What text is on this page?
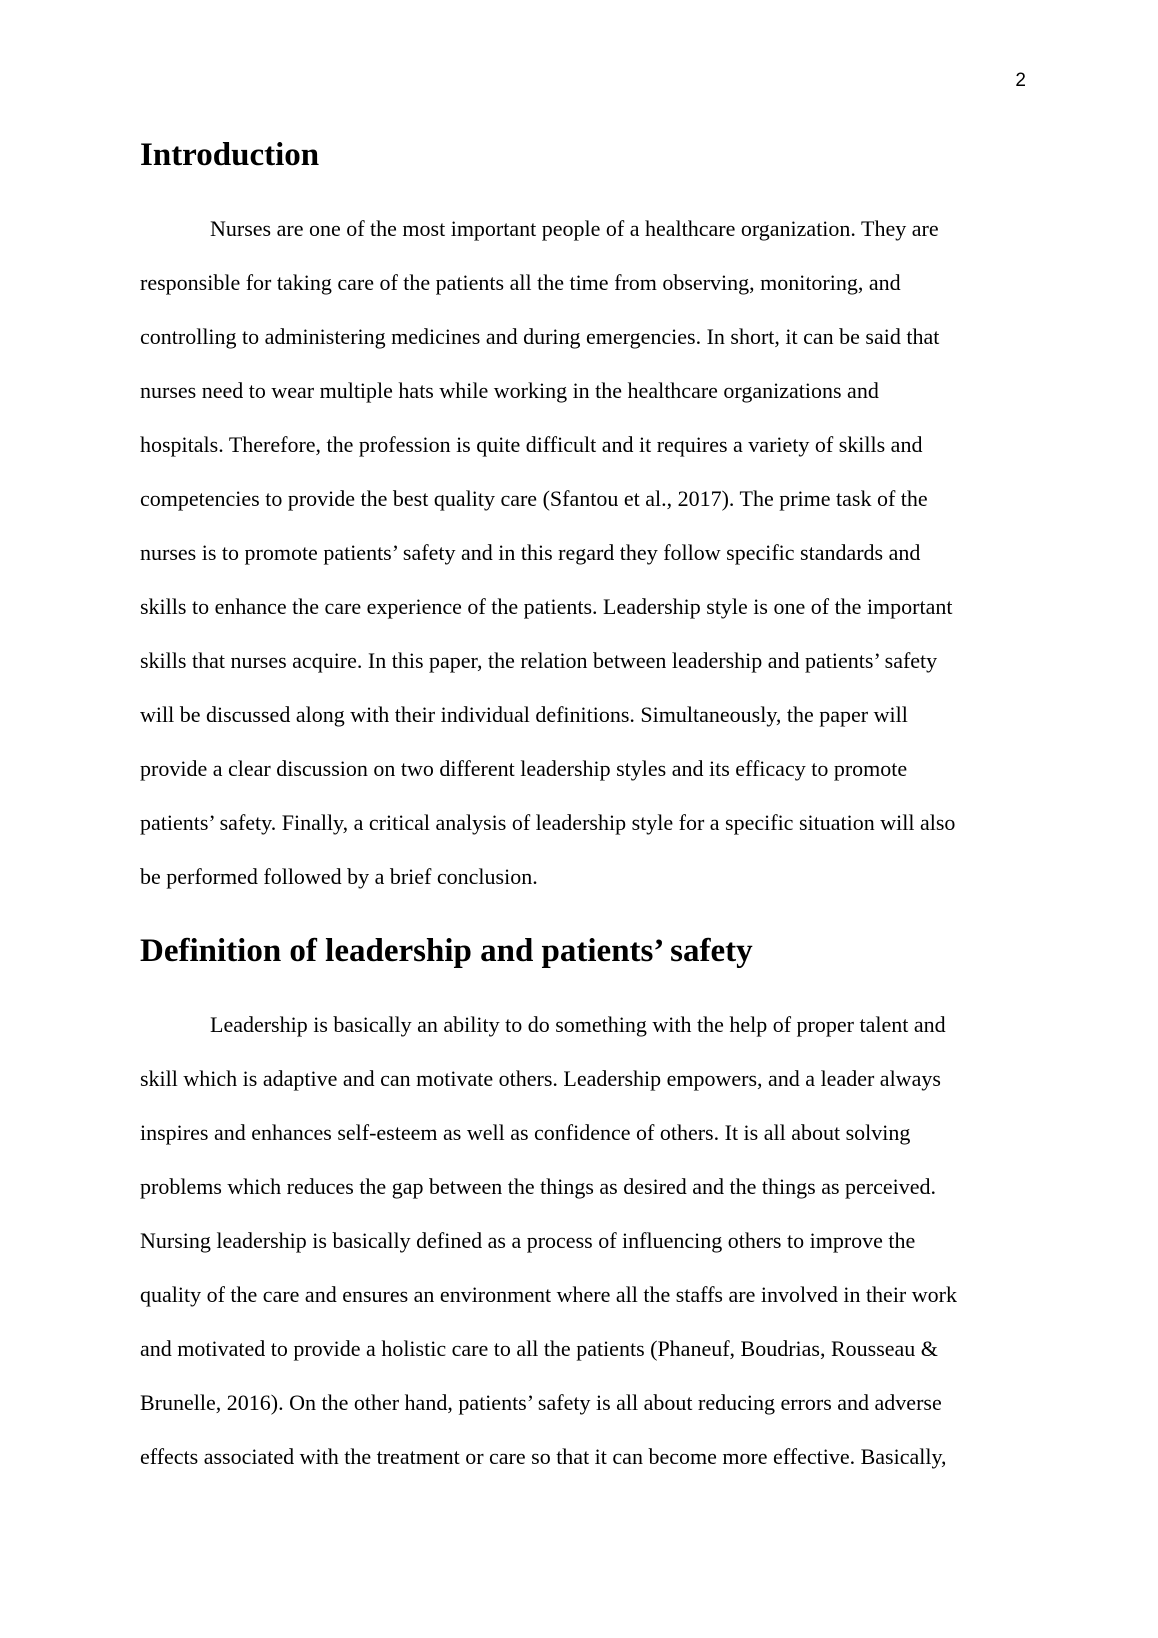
2
Introduction

Nurses are one of the most important people of a healthcare organization. They are
responsible for taking care of the patients all the time from observing, monitoring, and
controlling to administering medicines and during emergencies. In short, it can be said that
nurses need to wear multiple hats while working in the healthcare organizations and
hospitals. Therefore, the profession is quite difficult and it requires a variety of skills and
competencies to provide the best quality care (Sfantou et al., 2017). The prime task of the
nurses is to promote patients’ safety and in this regard they follow specific standards and
skills to enhance the care experience of the patients. Leadership style is one of the important
skills that nurses acquire. In this paper, the relation between leadership and patients’ safety
will be discussed along with their individual definitions. Simultaneously, the paper will
provide a clear discussion on two different leadership styles and its efficacy to promote
patients’ safety. Finally, a critical analysis of leadership style for a specific situation will also
be performed followed by a brief conclusion.

Definition of leadership and patients’ safety

Leadership is basically an ability to do something with the help of proper talent and
skill which is adaptive and can motivate others. Leadership empowers, and a leader always
inspires and enhances self-esteem as well as confidence of others. It is all about solving
problems which reduces the gap between the things as desired and the things as perceived.
Nursing leadership is basically defined as a process of influencing others to improve the
quality of the care and ensures an environment where all the staffs are involved in their work
and motivated to provide a holistic care to all the patients (Phaneuf, Boudrias, Rousseau &
Brunelle, 2016). On the other hand, patients’ safety is all about reducing errors and adverse
effects associated with the treatment or care so that it can become more effective. Basically,
